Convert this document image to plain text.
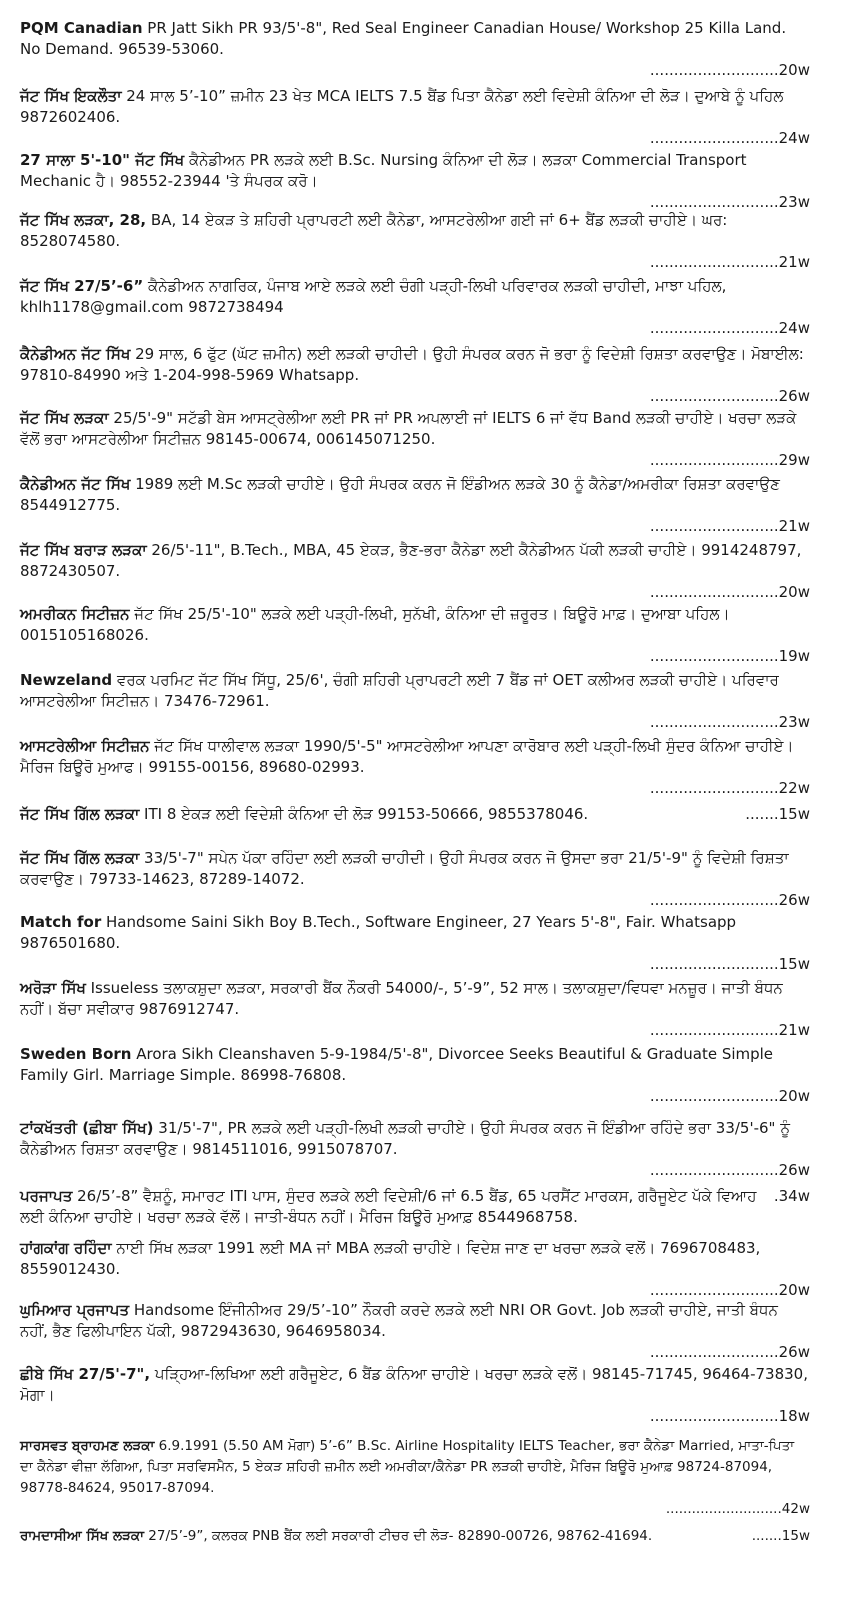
PQM Canadian PR Jatt Sikh PR 93/5'-8", Red Seal Engineer Canadian House/ Workshop 25 Killa Land. No Demand. 96539-53060.
...........................20w

ਜੱਟ ਸਿੱਖ ਇਕਲੌਤਾ 24 ਸਾਲ 5’-10” ਜ਼ਮੀਨ 23 ਖੇਤ MCA IELTS 7.5 ਬੈਂਡ ਪਿਤਾ ਕੈਨੇਡਾ ਲਈ ਵਿਦੇਸ਼ੀ ਕੰਨਿਆ ਦੀ ਲੋੜ। ਦੁਆਬੇ ਨੂੰ ਪਹਿਲ 9872602406.
...........................24w

27 ਸਾਲਾ 5'-10" ਜੱਟ ਸਿੱਖ ਕੈਨੇਡੀਅਨ PR ਲੜਕੇ ਲਈ B.Sc. Nursing ਕੰਨਿਆ ਦੀ ਲੋੜ। ਲੜਕਾ Commercial Transport Mechanic ਹੈ। 98552-23944 'ਤੇ ਸੰਪਰਕ ਕਰੋ।
...........................23w

ਜੱਟ ਸਿੱਖ ਲੜਕਾ, 28, BA, 14 ਏਕੜ ਤੇ ਸ਼ਹਿਰੀ ਪ੍ਰਾਪਰਟੀ ਲਈ ਕੈਨੇਡਾ, ਆਸਟਰੇਲੀਆ ਗਈ ਜਾਂ 6+ ਬੈਂਡ ਲੜਕੀ ਚਾਹੀਏ। ਘਰ: 8528074580.
...........................21w

ਜੱਟ ਸਿੱਖ 27/5’-6” ਕੈਨੇਡੀਅਨ ਨਾਗਰਿਕ, ਪੰਜਾਬ ਆਏ ਲੜਕੇ ਲਈ ਚੰਗੀ ਪੜ੍ਹੀ-ਲਿਖੀ ਪਰਿਵਾਰਕ ਲੜਕੀ ਚਾਹੀਦੀ, ਮਾਝਾ ਪਹਿਲ, khlh1178@gmail.com 9872738494
...........................24w

ਕੈਨੇਡੀਅਨ ਜੱਟ ਸਿੱਖ 29 ਸਾਲ, 6 ਫੁੱਟ (ਘੱਟ ਜ਼ਮੀਨ) ਲਈ ਲੜਕੀ ਚਾਹੀਦੀ। ਉਹੀ ਸੰਪਰਕ ਕਰਨ ਜੋ ਭਰਾ ਨੂੰ ਵਿਦੇਸ਼ੀ ਰਿਸ਼ਤਾ ਕਰਵਾਉਣ। ਮੋਬਾਈਲ: 97810-84990 ਅਤੇ 1-204-998-5969 Whatsapp.
...........................26w

ਜੱਟ ਸਿੱਖ ਲੜਕਾ 25/5'-9" ਸਟੱਡੀ ਬੇਸ ਆਸਟ੍ਰੇਲੀਆ ਲਈ PR ਜਾਂ PR ਅਪਲਾਈ ਜਾਂ IELTS 6 ਜਾਂ ਵੱਧ Band ਲੜਕੀ ਚਾਹੀਏ। ਖਰਚਾ ਲੜਕੇ ਵੱਲੋਂ ਭਰਾ ਆਸਟਰੇਲੀਆ ਸਿਟੀਜ਼ਨ 98145-00674, 006145071250.
...........................29w

ਕੈਨੇਡੀਅਨ ਜੱਟ ਸਿੱਖ 1989 ਲਈ M.Sc ਲੜਕੀ ਚਾਹੀਏ। ਉਹੀ ਸੰਪਰਕ ਕਰਨ ਜੋ ਇੰਡੀਅਨ ਲੜਕੇ 30 ਨੂੰ ਕੈਨੇਡਾ/ਅਮਰੀਕਾ ਰਿਸ਼ਤਾ ਕਰਵਾਉਣ 8544912775.
...........................21w

ਜੱਟ ਸਿੱਖ ਬਰਾੜ ਲੜਕਾ 26/5'-11", B.Tech., MBA, 45 ਏਕੜ, ਭੈਣ-ਭਰਾ ਕੈਨੇਡਾ ਲਈ ਕੈਨੇਡੀਅਨ ਪੱਕੀ ਲੜਕੀ ਚਾਹੀਏ। 9914248797, 8872430507.
...........................20w

ਅਮਰੀਕਨ ਸਿਟੀਜ਼ਨ ਜੱਟ ਸਿੱਖ 25/5'-10" ਲੜਕੇ ਲਈ ਪੜ੍ਹੀ-ਲਿਖੀ, ਸੁਨੱਖੀ, ਕੰਨਿਆ ਦੀ ਜ਼ਰੂਰਤ। ਬਿਊਰੋ ਮਾਫ਼। ਦੁਆਬਾ ਪਹਿਲ। 0015105168026.
...........................19w

Newzeland ਵਰਕ ਪਰਮਿਟ ਜੱਟ ਸਿੱਖ ਸਿੱਧੂ, 25/6', ਚੰਗੀ ਸ਼ਹਿਰੀ ਪ੍ਰਾਪਰਟੀ ਲਈ 7 ਬੈਂਡ ਜਾਂ OET ਕਲੀਅਰ ਲੜਕੀ ਚਾਹੀਏ। ਪਰਿਵਾਰ ਆਸਟਰੇਲੀਆ ਸਿਟੀਜ਼ਨ। 73476-72961.
...........................23w

ਆਸਟਰੇਲੀਆ ਸਿਟੀਜ਼ਨ ਜੱਟ ਸਿੱਖ ਧਾਲੀਵਾਲ ਲੜਕਾ 1990/5'-5" ਆਸਟਰੇਲੀਆ ਆਪਣਾ ਕਾਰੋਬਾਰ ਲਈ ਪੜ੍ਹੀ-ਲਿਖੀ ਸੁੰਦਰ ਕੰਨਿਆ ਚਾਹੀਏ। ਮੈਰਿਜ ਬਿਊਰੋ ਮੁਆਫ। 99155-00156, 89680-02993.
...........................22w

.......15w
ਜੱਟ ਸਿੱਖ ਗਿੱਲ ਲੜਕਾ ITI 8 ਏਕੜ ਲਈ ਵਿਦੇਸ਼ੀ ਕੰਨਿਆ ਦੀ ਲੋੜ 99153-50666, 9855378046.

ਜੱਟ ਸਿੱਖ ਗਿੱਲ ਲੜਕਾ 33/5'-7" ਸਪੇਨ ਪੱਕਾ ਰਹਿੰਦਾ ਲਈ ਲੜਕੀ ਚਾਹੀਦੀ। ਉਹੀ ਸੰਪਰਕ ਕਰਨ ਜੋ ਉਸਦਾ ਭਰਾ 21/5'-9" ਨੂੰ ਵਿਦੇਸ਼ੀ ਰਿਸ਼ਤਾ ਕਰਵਾਉਣ। 79733-14623, 87289-14072.
...........................26w

Match for Handsome Saini Sikh Boy B.Tech., Software Engineer, 27 Years 5'-8", Fair. Whatsapp 9876501680.
...........................15w

ਅਰੋੜਾ ਸਿੱਖ Issueless ਤਲਾਕਸ਼ੁਦਾ ਲੜਕਾ, ਸਰਕਾਰੀ ਬੈਂਕ ਨੌਕਰੀ 54000/-, 5’-9”, 52 ਸਾਲ। ਤਲਾਕਸ਼ੁਦਾ/ਵਿਧਵਾ ਮਨਜ਼ੂਰ। ਜਾਤੀ ਬੰਧਨ ਨਹੀਂ। ਬੱਚਾ ਸਵੀਕਾਰ 9876912747.
...........................21w

Sweden Born Arora Sikh Cleanshaven 5-9-1984/5'-8", Divorcee Seeks Beautiful & Graduate Simple Family Girl. Marriage Simple. 86998-76808.
...........................20w

ਟਾਂਕਖੱਤਰੀ (ਛੀਬਾ ਸਿੱਖ) 31/5'-7", PR ਲੜਕੇ ਲਈ ਪੜ੍ਹੀ-ਲਿਖੀ ਲੜਕੀ ਚਾਹੀਏ। ਉਹੀ ਸੰਪਰਕ ਕਰਨ ਜੋ ਇੰਡੀਆ ਰਹਿੰਦੇ ਭਰਾ 33/5'-6" ਨੂੰ ਕੈਨੇਡੀਅਨ ਰਿਸ਼ਤਾ ਕਰਵਾਉਣ। 9814511016, 9915078707.
...........................26w

.34w
ਪਰਜਾਪਤ 26/5’-8” ਵੈਸ਼ਨੂੰ, ਸਮਾਰਟ ITI ਪਾਸ, ਸੁੰਦਰ ਲੜਕੇ ਲਈ ਵਿਦੇਸ਼ੀ/6 ਜਾਂ 6.5 ਬੈਂਡ, 65 ਪਰਸੈਂਟ ਮਾਰਕਸ, ਗਰੈਜੂਏਟ ਪੱਕੇ ਵਿਆਹ ਲਈ ਕੰਨਿਆ ਚਾਹੀਏ। ਖਰਚਾ ਲੜਕੇ ਵੱਲੋਂ। ਜਾਤੀ-ਬੰਧਨ ਨਹੀਂ। ਮੈਰਿਜ ਬਿਊਰੋ ਮੁਆਫ਼ 8544968758.

ਹਾਂਗਕਾਂਗ ਰਹਿੰਦਾ ਨਾਈ ਸਿੱਖ ਲੜਕਾ 1991 ਲਈ MA ਜਾਂ MBA ਲੜਕੀ ਚਾਹੀਏ। ਵਿਦੇਸ਼ ਜਾਣ ਦਾ ਖਰਚਾ ਲੜਕੇ ਵਲੋਂ। 7696708483, 8559012430.
...........................20w

ਘੁਮਿਆਰ ਪ੍ਰਜਾਪਤ Handsome ਇੰਜੀਨੀਅਰ 29/5’-10” ਨੌਕਰੀ ਕਰਦੇ ਲੜਕੇ ਲਈ NRI OR Govt. Job ਲੜਕੀ ਚਾਹੀਏ, ਜਾਤੀ ਬੰਧਨ ਨਹੀਂ, ਭੈਣ ਫਿਲੀਪਾਇਨ ਪੱਕੀ, 9872943630, 9646958034.
...........................26w

ਛੀਬੇ ਸਿੱਖ 27/5'-7", ਪੜ੍ਹਿਆ-ਲਿਖਿਆ ਲਈ ਗਰੈਜੂਏਟ, 6 ਬੈਂਡ ਕੰਨਿਆ ਚਾਹੀਏ। ਖਰਚਾ ਲੜਕੇ ਵਲੋਂ। 98145-71745, 96464-73830, ਮੋਗਾ।
...........................18w

ਸਾਰਸਵਤ ਬ੍ਰਾਹਮਣ ਲੜਕਾ 6.9.1991 (5.50 AM ਮੋਗਾ) 5’-6” B.Sc. Airline Hospitality IELTS Teacher, ਭਰਾ ਕੈਨੇਡਾ Married, ਮਾਤਾ-ਪਿਤਾ ਦਾ ਕੈਨੇਡਾ ਵੀਜ਼ਾ ਲੱਗਿਆ, ਪਿਤਾ ਸਰਵਿਸਮੈਨ, 5 ਏਕੜ ਸ਼ਹਿਰੀ ਜ਼ਮੀਨ ਲਈ ਅਮਰੀਕਾ/ਕੈਨੇਡਾ PR ਲੜਕੀ ਚਾਹੀਏ, ਮੈਰਿਜ ਬਿਊਰੋ ਮੁਆਫ਼ 98724-87094, 98778-84624, 95017-87094.
...........................42w

.......15w
ਰਾਮਦਾਸੀਆ ਸਿੱਖ ਲੜਕਾ 27/5’-9”, ਕਲਰਕ PNB ਬੈਂਕ ਲਈ ਸਰਕਾਰੀ ਟੀਚਰ ਦੀ ਲੋੜ- 82890-00726, 98762-41694.
